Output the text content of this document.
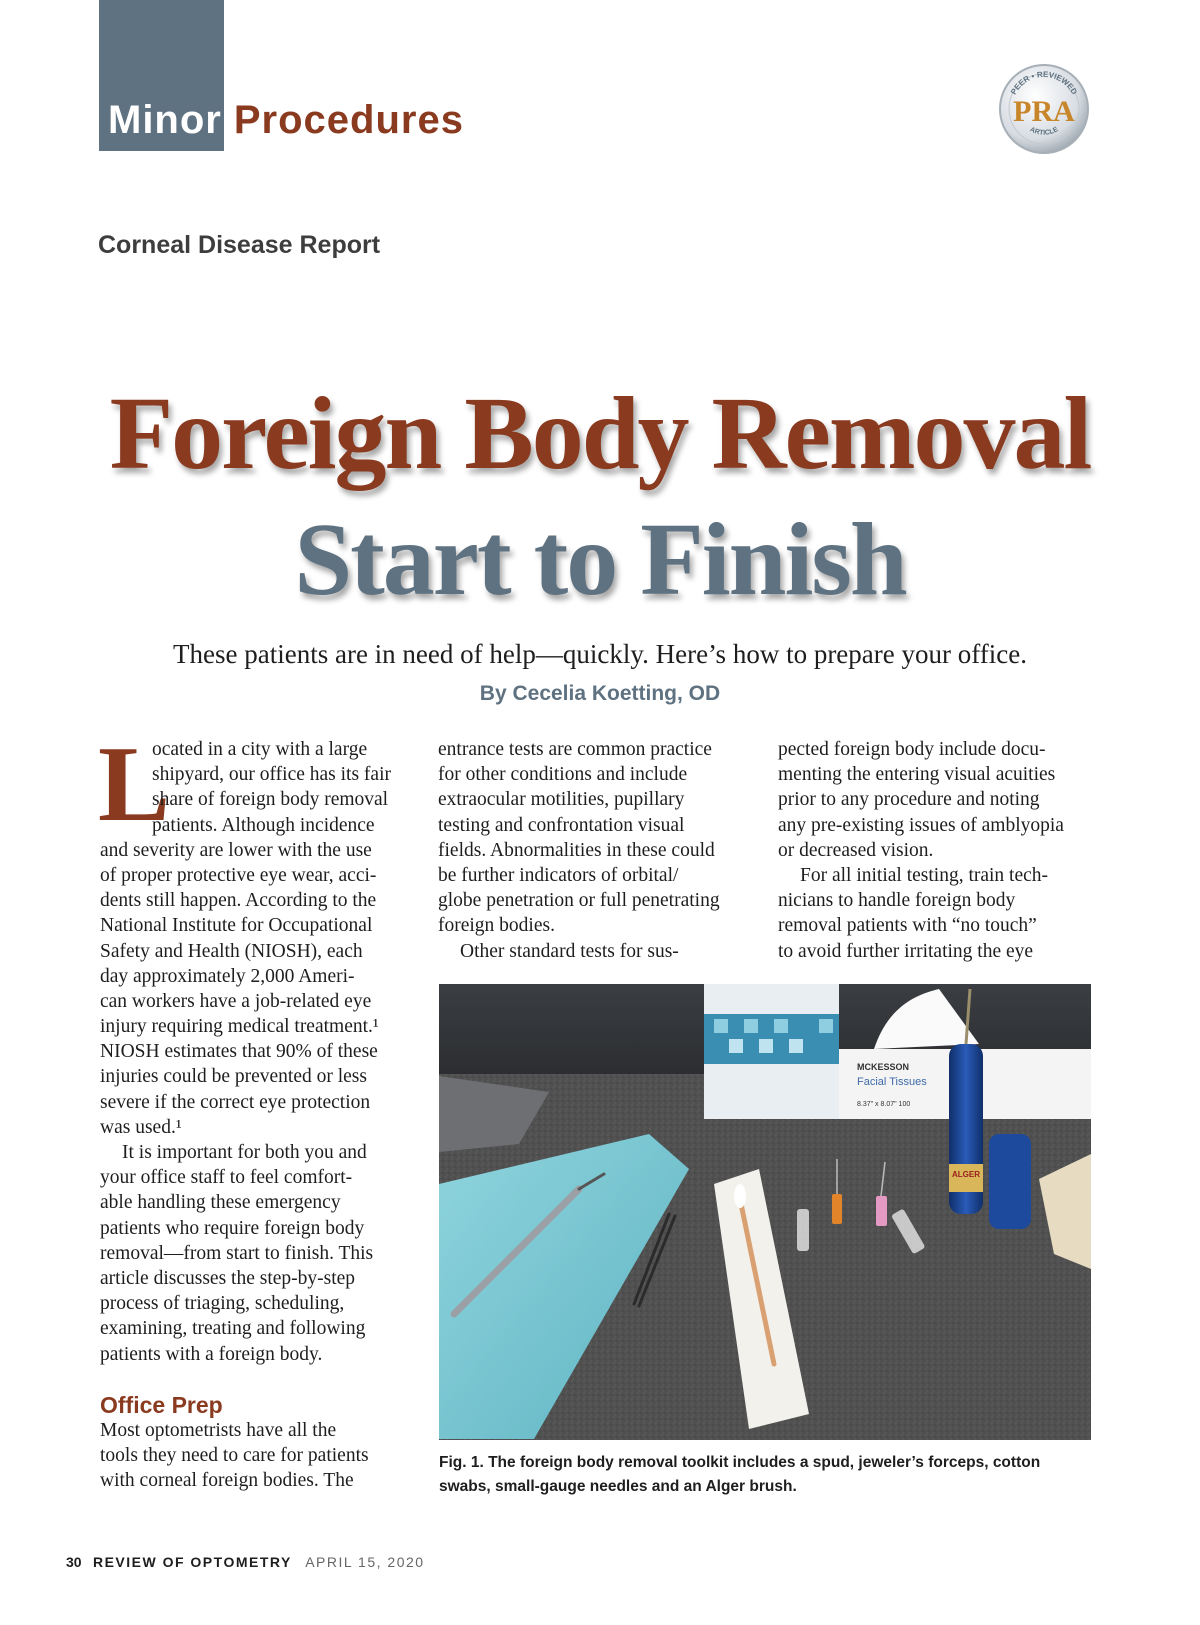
Minor Procedures
PEER • REVIEWED
PRA
ARTICLE
Corneal Disease Report
Foreign Body Removal
Start to Finish
These patients are in need of help—quickly. Here’s how to prepare your office.
By Cecelia Koetting, OD
L
ocated in a city with a large
shipyard, our office has its fair
share of foreign body removal
patients. Although incidence
and severity are lower with the use
of proper protective eye wear, acci-
dents still happen. According to the
National Institute for Occupational
Safety and Health (NIOSH), each
day approximately 2,000 Ameri-
can workers have a job-related eye
injury requiring medical treatment.¹
NIOSH estimates that 90% of these
injuries could be prevented or less
severe if the correct eye protection
was used.¹
It is important for both you and
your office staff to feel comfort-
able handling these emergency
patients who require foreign body
removal—from start to finish. This
article discusses the step-by-step
process of triaging, scheduling,
examining, treating and following
patients with a foreign body.
Office Prep
Most optometrists have all the
tools they need to care for patients
with corneal foreign bodies. The
entrance tests are common practice
for other conditions and include
extraocular motilities, pupillary
testing and confrontation visual
fields. Abnormalities in these could
be further indicators of orbital/
globe penetration or full penetrating
foreign bodies.
Other standard tests for sus-
pected foreign body include docu-
menting the entering visual acuities
prior to any procedure and noting
any pre-existing issues of amblyopia
or decreased vision.
For all initial testing, train tech-
nicians to handle foreign body
removal patients with “no touch”
to avoid further irritating the eye
MCKESSON
Facial Tissues
8.37" x 8.07" 100
ALGER
Fig. 1. The foreign body removal toolkit includes a spud, jeweler’s forceps, cotton
swabs, small-gauge needles and an Alger brush.
30 REVIEW OF OPTOMETRY APRIL 15, 2020
